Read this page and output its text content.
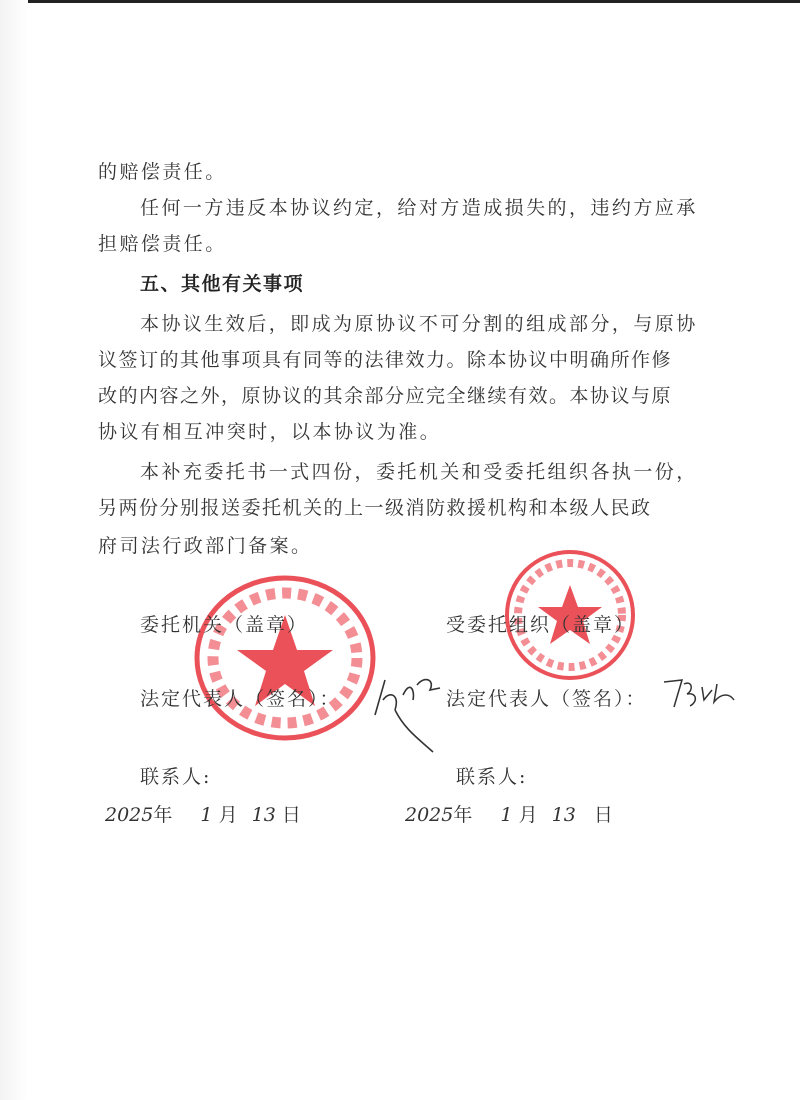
的赔偿责任。
任何一方违反本协议约定，给对方造成损失的，违约方应承
担赔偿责任。
五、其他有关事项
本协议生效后，即成为原协议不可分割的组成部分，与原协
议签订的其他事项具有同等的法律效力。除本协议中明确所作修
改的内容之外，原协议的其余部分应完全继续有效。本协议与原
协议有相互冲突时，以本协议为准。
本补充委托书一式四份，委托机关和受委托组织各执一份，
另两份分别报送委托机关的上一级消防救援机构和本级人民政
府司法行政部门备案。
委托机关（盖章）
法定代表人（签名）：
联系人:
2025年 1 月 13 日
受委托组织（盖章）
法定代表人（签名）：
联系人:
2025年 1 月 13 日
